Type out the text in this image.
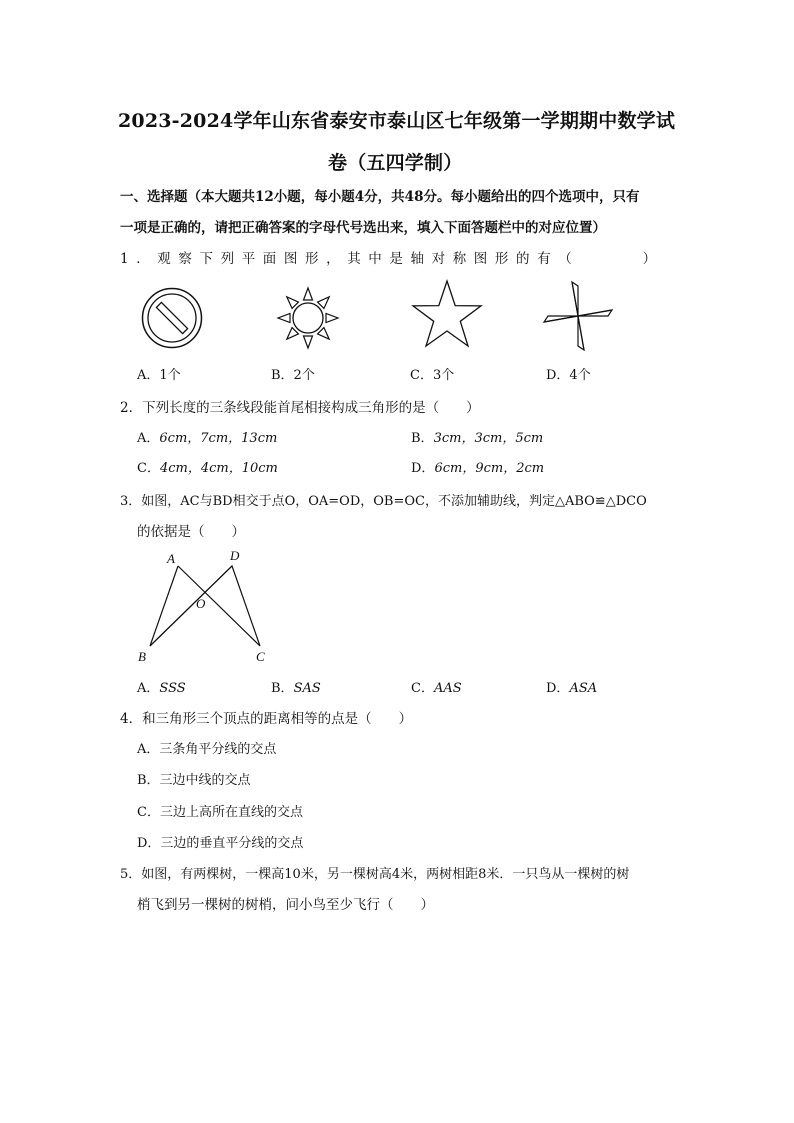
2023-2024学年山东省泰安市泰山区七年级第一学期期中数学试
卷（五四学制）
一、选择题（本大题共12小题，每小题4分，共48分。每小题给出的四个选项中，只有
一项是正确的，请把正确答案的字母代号选出来，填入下面答题栏中的对应位置）
1．观察下列平面图形，其中是轴对称图形的有（　　　）
A．1个	B．2个	C．3个	D．4个
2．下列长度的三条线段能首尾相接构成三角形的是（　　）
A．6cm，7cm，13cm	B．3cm，3cm，5cm
C．4cm，4cm，10cm	D．6cm，9cm，2cm
3．如图，AC与BD相交于点O，OA=OD，OB=OC，不添加辅助线，判定△ABO≌△DCO
的依据是（　　）
A	D
O
B	C
A．SSS	B．SAS	C．AAS	D．ASA
4．和三角形三个顶点的距离相等的点是（　　）
A．三条角平分线的交点
B．三边中线的交点
C．三边上高所在直线的交点
D．三边的垂直平分线的交点
5．如图，有两棵树，一棵高10米，另一棵树高4米，两树相距8米．一只鸟从一棵树的树
梢飞到另一棵树的树梢，问小鸟至少飞行（　　）
